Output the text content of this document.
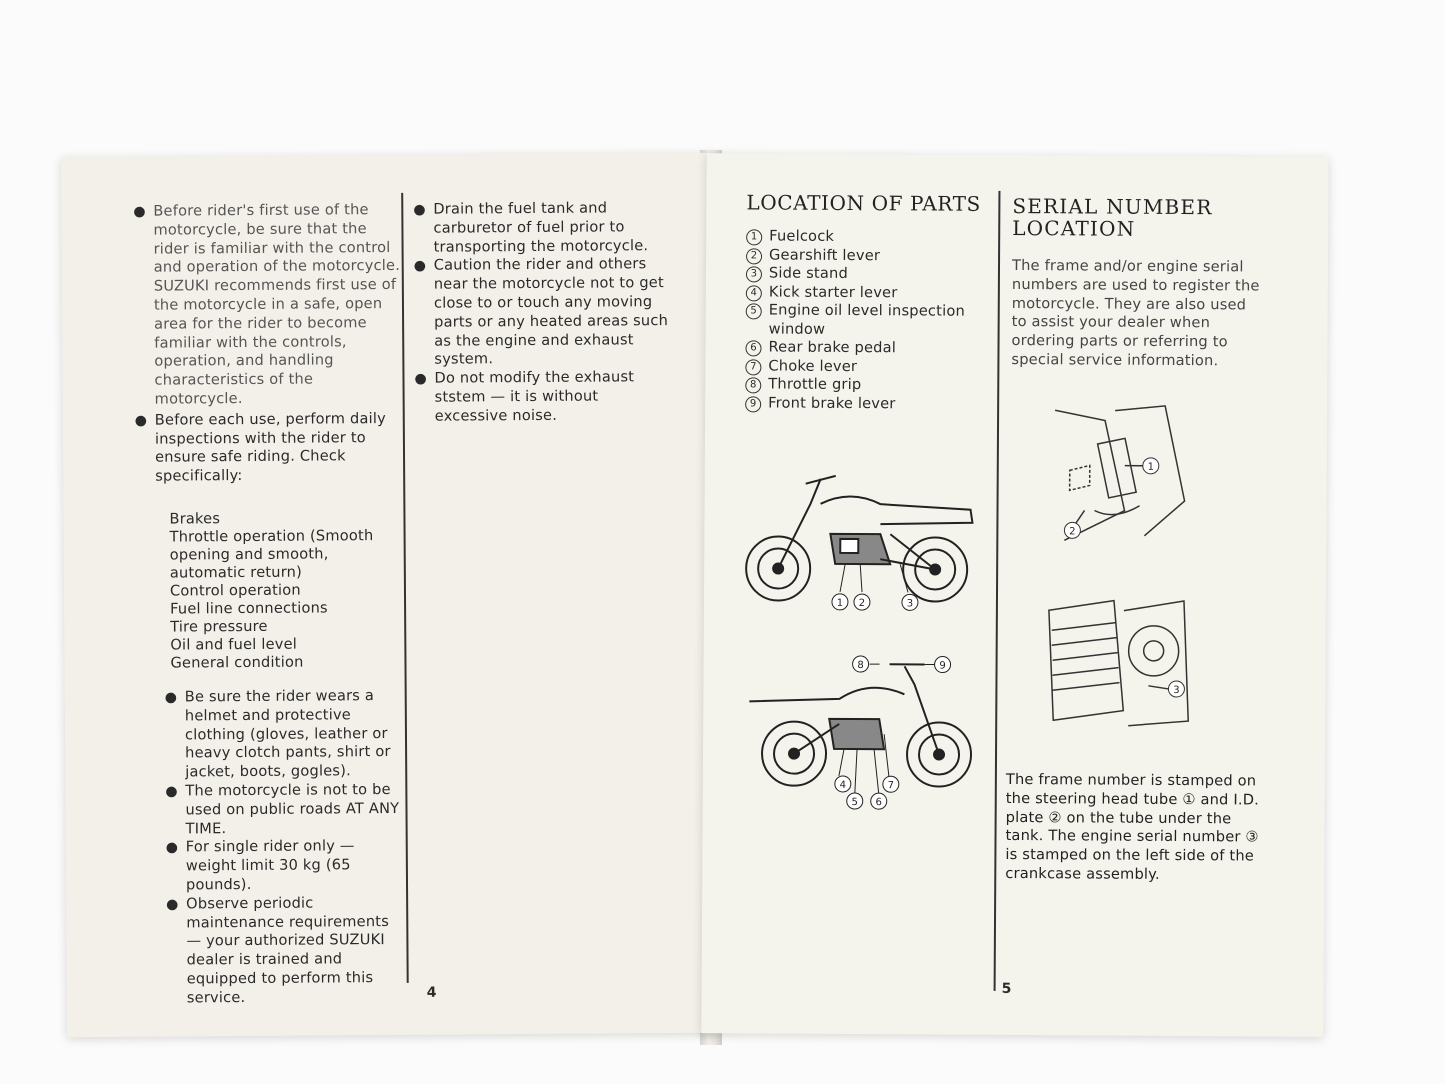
● Before rider's first use of the motorcycle, be sure that the rider is familiar with the control and operation of the motorcycle. SUZUKI recommends first use of the motorcycle in a safe, open area for the rider to become familiar with the controls, operation, and handling characteristics of the motorcycle.
● Before each use, perform daily inspections with the rider to ensure safe riding. Check specifically:
Brakes
Throttle operation (Smooth opening and smooth, automatic return)
Control operation
Fuel line connections
Tire pressure
Oil and fuel level
General condition
● Be sure the rider wears a helmet and protective clothing (gloves, leather or heavy clotch pants, shirt or jacket, boots, gogles).
● The motorcycle is not to be used on public roads AT ANY TIME.
● For single rider only — weight limit 30 kg (65 pounds).
● Observe periodic maintenance requirements — your authorized SUZUKI dealer is trained and equipped to perform this service.
● Drain the fuel tank and carburetor of fuel prior to transporting the motorcycle.
● Caution the rider and others near the motorcycle not to get close to or touch any moving parts or any heated areas such as the engine and exhaust system.
● Do not modify the exhaust ststem — it is without excessive noise.
4
LOCATION OF PARTS
1 Fuelcock
2 Gearshift lever
3 Side stand
4 Kick starter lever
5 Engine oil level inspection window
6 Rear brake pedal
7 Choke lever
8 Throttle grip
9 Front brake lever
1 2	3
8	9
4
5 6
7
SERIAL NUMBER LOCATION

The frame and/or engine serial numbers are used to register the motorcycle. They are also used to assist your dealer when ordering parts or referring to special service information.

1
2
3

The frame number is stamped on the steering head tube ① and I.D. plate ② on the tube under the tank. The engine serial number ③ is stamped on the left side of the crankcase assembly.

5
